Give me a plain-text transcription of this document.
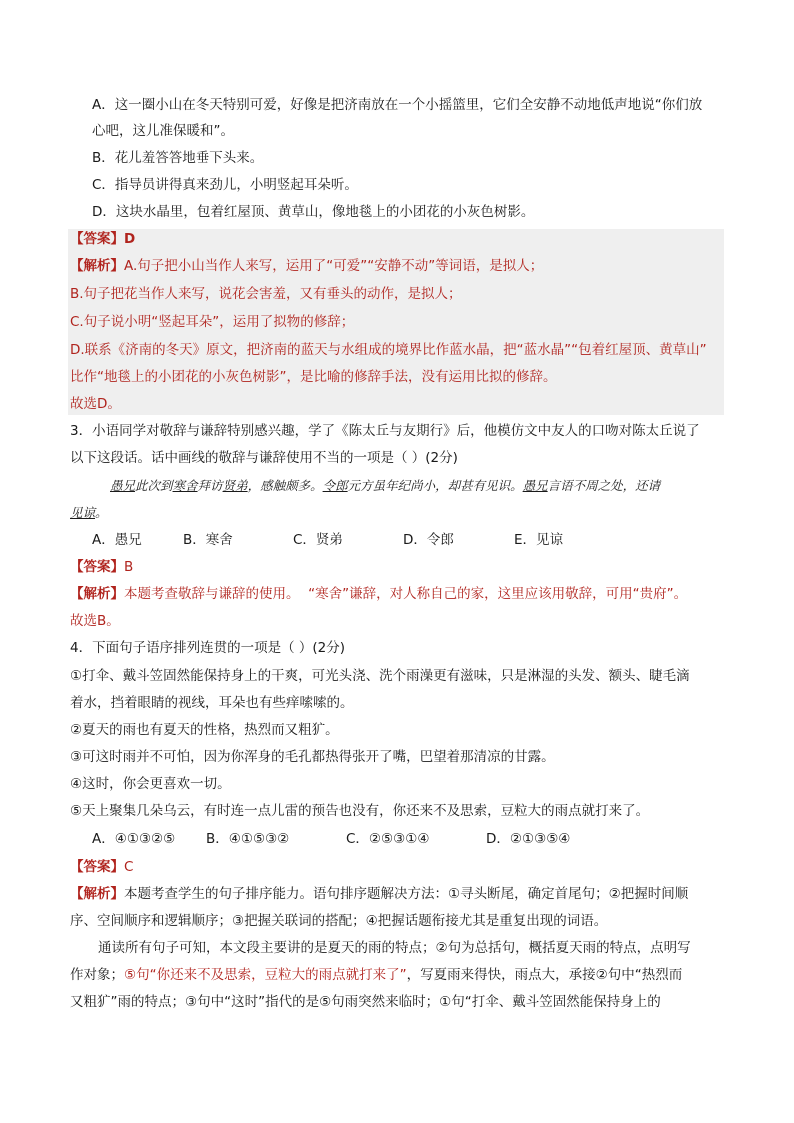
A．这一圈小山在冬天特别可爱，好像是把济南放在一个小摇篮里，它们全安静不动地低声地说“你们放
心吧，这儿准保暖和”。
B．花儿羞答答地垂下头来。
C．指导员讲得真来劲儿，小明竖起耳朵听。
D．这块水晶里，包着红屋顶、黄草山，像地毯上的小团花的小灰色树影。
【答案】D
【解析】A.句子把小山当作人来写，运用了“可爱”“安静不动”等词语，是拟人；
B.句子把花当作人来写，说花会害羞，又有垂头的动作，是拟人；
C.句子说小明“竖起耳朵”，运用了拟物的修辞；
D.联系《济南的冬天》原文，把济南的蓝天与水组成的境界比作蓝水晶，把“蓝水晶”“包着红屋顶、黄草山”
比作“地毯上的小团花的小灰色树影”，是比喻的修辞手法，没有运用比拟的修辞。
故选D。
3．小语同学对敬辞与谦辞特别感兴趣，学了《陈太丘与友期行》后，他模仿文中友人的口吻对陈太丘说了
以下这段话。话中画线的敬辞与谦辞使用不当的一项是（ ）(2分)
愚兄此次到寒舍拜访贤弟，感触颇多。令郎元方虽年纪尚小，却甚有见识。愚兄言语不周之处，还请
见谅。
A．愚兄	B．寒舍	C．贤弟	D．令郎	E．见谅
【答案】B
【解析】本题考查敬辞与谦辞的使用。 “寒舍”谦辞，对人称自己的家，这里应该用敬辞，可用“贵府”。
故选B。
4．下面句子语序排列连贯的一项是（ ）(2分)
①打伞、戴斗笠固然能保持身上的干爽，可光头浇、洗个雨澡更有滋味，只是淋湿的头发、额头、睫毛滴
着水，挡着眼睛的视线，耳朵也有些痒嗦嗦的。
②夏天的雨也有夏天的性格，热烈而又粗犷。
③可这时雨并不可怕，因为你浑身的毛孔都热得张开了嘴，巴望着那清凉的甘露。
④这时，你会更喜欢一切。
⑤天上聚集几朵乌云，有时连一点儿雷的预告也没有，你还来不及思索，豆粒大的雨点就打来了。
A．④①③②⑤ B．④①⑤③②	C．②⑤③①④	D．②①③⑤④
【答案】C
【解析】本题考查学生的句子排序能力。语句排序题解决方法：①寻头断尾，确定首尾句；②把握时间顺
序、空间顺序和逻辑顺序；③把握关联词的搭配；④把握话题衔接尤其是重复出现的词语。
通读所有句子可知，本文段主要讲的是夏天的雨的特点；②句为总括句，概括夏天雨的特点，点明写
作对象；⑤句“你还来不及思索，豆粒大的雨点就打来了”，写夏雨来得快，雨点大，承接②句中“热烈而
又粗犷”雨的特点；③句中“这时”指代的是⑤句雨突然来临时；①句“打伞、戴斗笠固然能保持身上的
